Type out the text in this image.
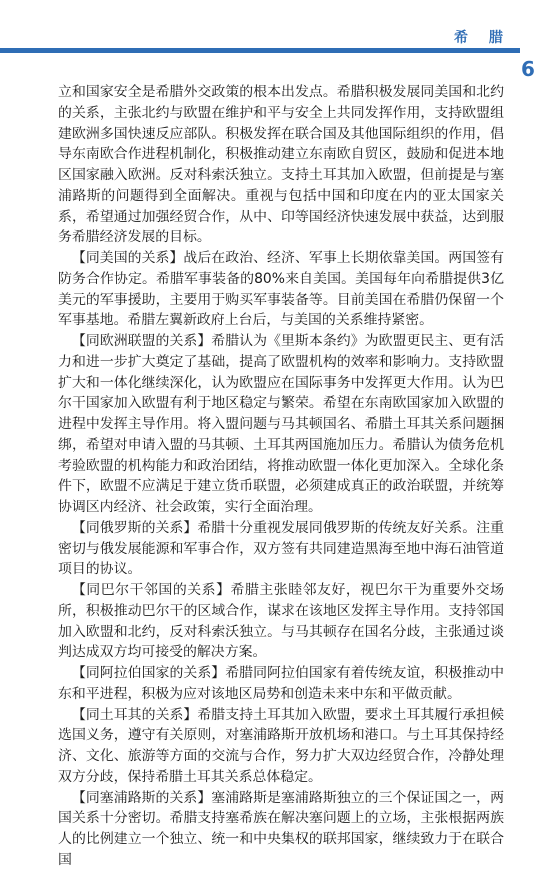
希 腊
6

立和国家安全是希腊外交政策的根本出发点。希腊积极发展同美国和北约的关系，主张北约与欧盟在维护和平与安全上共同发挥作用，支持欧盟组建欧洲多国快速反应部队。积极发挥在联合国及其他国际组织的作用，倡导东南欧合作进程机制化，积极推动建立东南欧自贸区，鼓励和促进本地区国家融入欧洲。反对科索沃独立。支持土耳其加入欧盟，但前提是与塞浦路斯的问题得到全面解决。重视与包括中国和印度在内的亚太国家关系，希望通过加强经贸合作，从中、印等国经济快速发展中获益，达到服务希腊经济发展的目标。

【同美国的关系】战后在政治、经济、军事上长期依靠美国。两国签有防务合作协定。希腊军事装备的80%来自美国。美国每年向希腊提供3亿美元的军事援助，主要用于购买军事装备等。目前美国在希腊仍保留一个军事基地。希腊左翼新政府上台后，与美国的关系维持紧密。

【同欧洲联盟的关系】希腊认为《里斯本条约》为欧盟更民主、更有活力和进一步扩大奠定了基础，提高了欧盟机构的效率和影响力。支持欧盟扩大和一体化继续深化，认为欧盟应在国际事务中发挥更大作用。认为巴尔干国家加入欧盟有利于地区稳定与繁荣。希望在东南欧国家加入欧盟的进程中发挥主导作用。将入盟问题与马其顿国名、希腊土耳其关系问题捆绑，希望对申请入盟的马其顿、土耳其两国施加压力。希腊认为债务危机考验欧盟的机构能力和政治团结，将推动欧盟一体化更加深入。全球化条件下，欧盟不应满足于建立货币联盟，必须建成真正的政治联盟，并统筹协调区内经济、社会政策，实行全面治理。

【同俄罗斯的关系】希腊十分重视发展同俄罗斯的传统友好关系。注重密切与俄发展能源和军事合作，双方签有共同建造黑海至地中海石油管道项目的协议。

【同巴尔干邻国的关系】希腊主张睦邻友好，视巴尔干为重要外交场所，积极推动巴尔干的区域合作，谋求在该地区发挥主导作用。支持邻国加入欧盟和北约，反对科索沃独立。与马其顿存在国名分歧，主张通过谈判达成双方均可接受的解决方案。

【同阿拉伯国家的关系】希腊同阿拉伯国家有着传统友谊，积极推动中东和平进程，积极为应对该地区局势和创造未来中东和平做贡献。

【同土耳其的关系】希腊支持土耳其加入欧盟，要求土耳其履行承担候选国义务，遵守有关原则，对塞浦路斯开放机场和港口。与土耳其保持经济、文化、旅游等方面的交流与合作，努力扩大双边经贸合作，冷静处理双方分歧，保持希腊土耳其关系总体稳定。

【同塞浦路斯的关系】塞浦路斯是塞浦路斯独立的三个保证国之一，两国关系十分密切。希腊支持塞希族在解决塞问题上的立场，主张根据两族人的比例建立一个独立、统一和中央集权的联邦国家，继续致力于在联合国
